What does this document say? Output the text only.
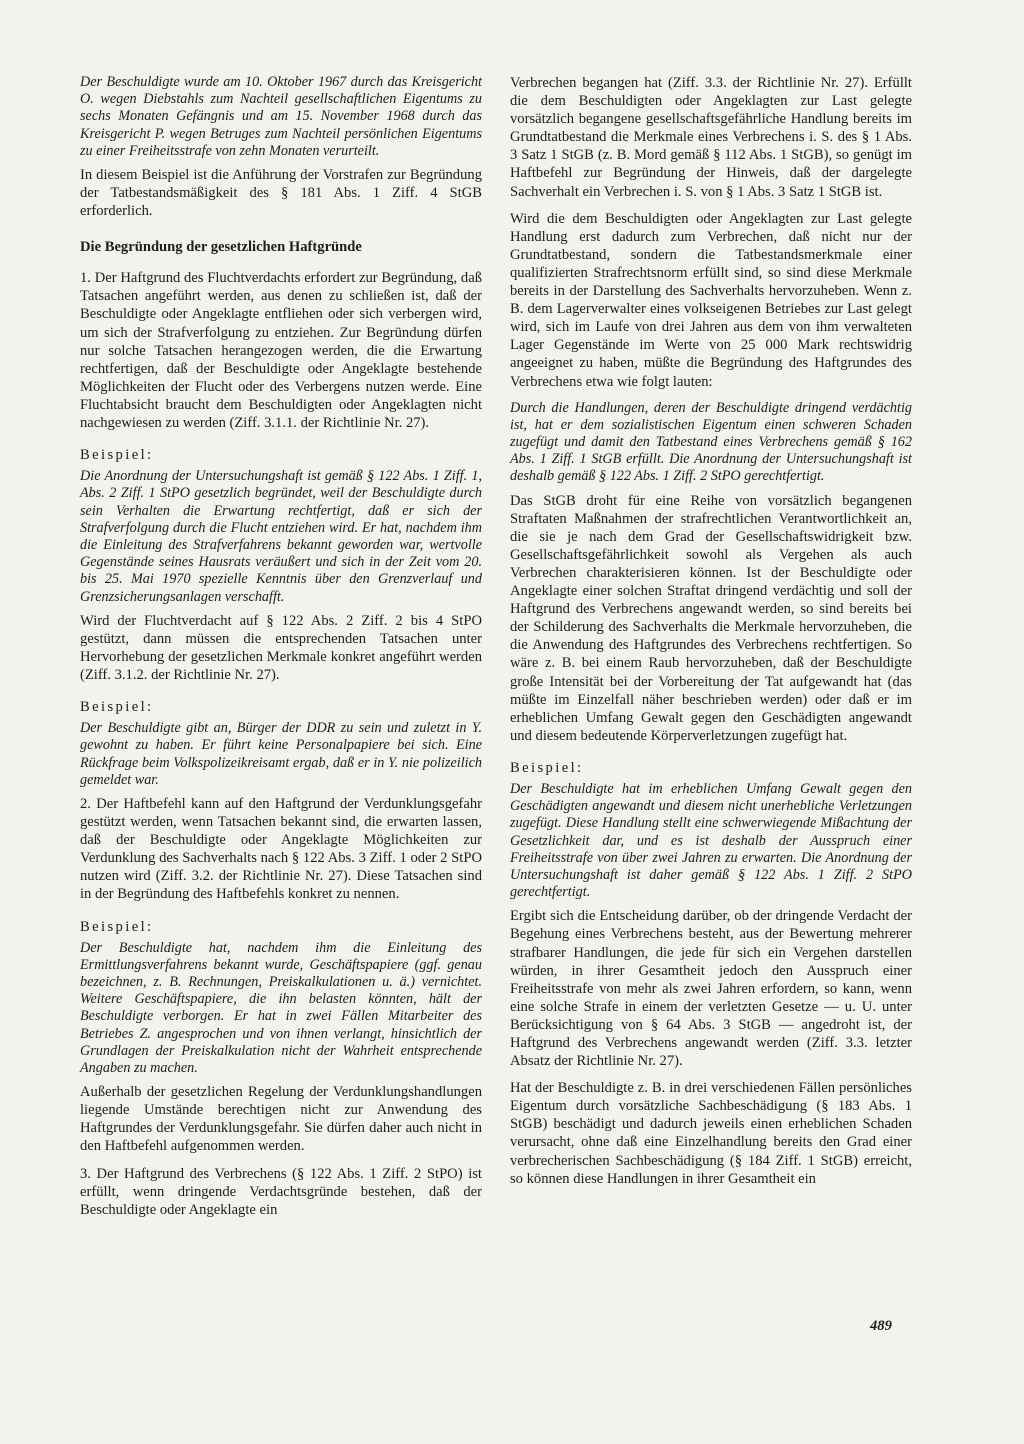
Der Beschuldigte wurde am 10. Oktober 1967 durch das Kreisgericht O. wegen Diebstahls zum Nachteil gesellschaftlichen Eigentums zu sechs Monaten Gefängnis und am 15. November 1968 durch das Kreisgericht P. wegen Betruges zum Nachteil persönlichen Eigentums zu einer Freiheitsstrafe von zehn Monaten verurteilt.

In diesem Beispiel ist die Anführung der Vorstrafen zur Begründung der Tatbestandsmäßigkeit des § 181 Abs. 1 Ziff. 4 StGB erforderlich.

Die Begründung der gesetzlichen Haftgründe

1. Der Haftgrund des Fluchtverdachts erfordert zur Begründung, daß Tatsachen angeführt werden, aus denen zu schließen ist, daß der Beschuldigte oder Angeklagte entfliehen oder sich verbergen wird, um sich der Strafverfolgung zu entziehen. Zur Begründung dürfen nur solche Tatsachen herangezogen werden, die die Erwartung rechtfertigen, daß der Beschuldigte oder Angeklagte bestehende Möglichkeiten der Flucht oder des Verbergens nutzen werde. Eine Fluchtabsicht braucht dem Beschuldigten oder Angeklagten nicht nachgewiesen zu werden (Ziff. 3.1.1. der Richtlinie Nr. 27).

Beispiel:

Die Anordnung der Untersuchungshaft ist gemäß § 122 Abs. 1 Ziff. 1, Abs. 2 Ziff. 1 StPO gesetzlich begründet, weil der Beschuldigte durch sein Verhalten die Erwartung rechtfertigt, daß er sich der Strafverfolgung durch die Flucht entziehen wird. Er hat, nachdem ihm die Einleitung des Strafverfahrens bekannt geworden war, wertvolle Gegenstände seines Hausrats veräußert und sich in der Zeit vom 20. bis 25. Mai 1970 spezielle Kenntnis über den Grenzverlauf und Grenzsicherungsanlagen verschafft.

Wird der Fluchtverdacht auf § 122 Abs. 2 Ziff. 2 bis 4 StPO gestützt, dann müssen die entsprechenden Tatsachen unter Hervorhebung der gesetzlichen Merkmale konkret angeführt werden (Ziff. 3.1.2. der Richtlinie Nr. 27).

Beispiel:

Der Beschuldigte gibt an, Bürger der DDR zu sein und zuletzt in Y. gewohnt zu haben. Er führt keine Personalpapiere bei sich. Eine Rückfrage beim Volkspolizeikreisamt ergab, daß er in Y. nie polizeilich gemeldet war.

2. Der Haftbefehl kann auf den Haftgrund der Verdunklungsgefahr gestützt werden, wenn Tatsachen bekannt sind, die erwarten lassen, daß der Beschuldigte oder Angeklagte Möglichkeiten zur Verdunklung des Sachverhalts nach § 122 Abs. 3 Ziff. 1 oder 2 StPO nutzen wird (Ziff. 3.2. der Richtlinie Nr. 27). Diese Tatsachen sind in der Begründung des Haftbefehls konkret zu nennen.

Beispiel:

Der Beschuldigte hat, nachdem ihm die Einleitung des Ermittlungsverfahrens bekannt wurde, Geschäftspapiere (ggf. genau bezeichnen, z. B. Rechnungen, Preiskalkulationen u. ä.) vernichtet. Weitere Geschäftspapiere, die ihn belasten könnten, hält der Beschuldigte verborgen. Er hat in zwei Fällen Mitarbeiter des Betriebes Z. angesprochen und von ihnen verlangt, hinsichtlich der Grundlagen der Preiskalkulation nicht der Wahrheit entsprechende Angaben zu machen.

Außerhalb der gesetzlichen Regelung der Verdunklungshandlungen liegende Umstände berechtigen nicht zur Anwendung des Haftgrundes der Verdunklungsgefahr. Sie dürfen daher auch nicht in den Haftbefehl aufgenommen werden.

3. Der Haftgrund des Verbrechens (§ 122 Abs. 1 Ziff. 2 StPO) ist erfüllt, wenn dringende Verdachtsgründe bestehen, daß der Beschuldigte oder Angeklagte ein

Verbrechen begangen hat (Ziff. 3.3. der Richtlinie Nr. 27). Erfüllt die dem Beschuldigten oder Angeklagten zur Last gelegte vorsätzlich begangene gesellschaftsgefährliche Handlung bereits im Grundtatbestand die Merkmale eines Verbrechens i. S. des § 1 Abs. 3 Satz 1 StGB (z. B. Mord gemäß § 112 Abs. 1 StGB), so genügt im Haftbefehl zur Begründung der Hinweis, daß der dargelegte Sachverhalt ein Verbrechen i. S. von § 1 Abs. 3 Satz 1 StGB ist.

Wird die dem Beschuldigten oder Angeklagten zur Last gelegte Handlung erst dadurch zum Verbrechen, daß nicht nur der Grundtatbestand, sondern die Tatbestandsmerkmale einer qualifizierten Strafrechtsnorm erfüllt sind, so sind diese Merkmale bereits in der Darstellung des Sachverhalts hervorzuheben. Wenn z. B. dem Lagerverwalter eines volkseigenen Betriebes zur Last gelegt wird, sich im Laufe von drei Jahren aus dem von ihm verwalteten Lager Gegenstände im Werte von 25 000 Mark rechtswidrig angeeignet zu haben, müßte die Begründung des Haftgrundes des Verbrechens etwa wie folgt lauten:

Durch die Handlungen, deren der Beschuldigte dringend verdächtig ist, hat er dem sozialistischen Eigentum einen schweren Schaden zugefügt und damit den Tatbestand eines Verbrechens gemäß § 162 Abs. 1 Ziff. 1 StGB erfüllt. Die Anordnung der Untersuchungshaft ist deshalb gemäß § 122 Abs. 1 Ziff. 2 StPO gerechtfertigt.

Das StGB droht für eine Reihe von vorsätzlich begangenen Straftaten Maßnahmen der strafrechtlichen Verantwortlichkeit an, die sie je nach dem Grad der Gesellschaftswidrigkeit bzw. Gesellschaftsgefährlichkeit sowohl als Vergehen als auch Verbrechen charakterisieren können. Ist der Beschuldigte oder Angeklagte einer solchen Straftat dringend verdächtig und soll der Haftgrund des Verbrechens angewandt werden, so sind bereits bei der Schilderung des Sachverhalts die Merkmale hervorzuheben, die die Anwendung des Haftgrundes des Verbrechens rechtfertigen. So wäre z. B. bei einem Raub hervorzuheben, daß der Beschuldigte große Intensität bei der Vorbereitung der Tat aufgewandt hat (das müßte im Einzelfall näher beschrieben werden) oder daß er im erheblichen Umfang Gewalt gegen den Geschädigten angewandt und diesem bedeutende Körperverletzungen zugefügt hat.

Beispiel:

Der Beschuldigte hat im erheblichen Umfang Gewalt gegen den Geschädigten angewandt und diesem nicht unerhebliche Verletzungen zugefügt. Diese Handlung stellt eine schwerwiegende Mißachtung der Gesetzlichkeit dar, und es ist deshalb der Ausspruch einer Freiheitsstrafe von über zwei Jahren zu erwarten. Die Anordnung der Untersuchungshaft ist daher gemäß § 122 Abs. 1 Ziff. 2 StPO gerechtfertigt.

Ergibt sich die Entscheidung darüber, ob der dringende Verdacht der Begehung eines Verbrechens besteht, aus der Bewertung mehrerer strafbarer Handlungen, die jede für sich ein Vergehen darstellen würden, in ihrer Gesamtheit jedoch den Ausspruch einer Freiheitsstrafe von mehr als zwei Jahren erfordern, so kann, wenn eine solche Strafe in einem der verletzten Gesetze — u. U. unter Berücksichtigung von § 64 Abs. 3 StGB — angedroht ist, der Haftgrund des Verbrechens angewandt werden (Ziff. 3.3. letzter Absatz der Richtlinie Nr. 27).

Hat der Beschuldigte z. B. in drei verschiedenen Fällen persönliches Eigentum durch vorsätzliche Sachbeschädigung (§ 183 Abs. 1 StGB) beschädigt und dadurch jeweils einen erheblichen Schaden verursacht, ohne daß eine Einzelhandlung bereits den Grad einer verbrecherischen Sachbeschädigung (§ 184 Ziff. 1 StGB) erreicht, so können diese Handlungen in ihrer Gesamtheit ein

489
